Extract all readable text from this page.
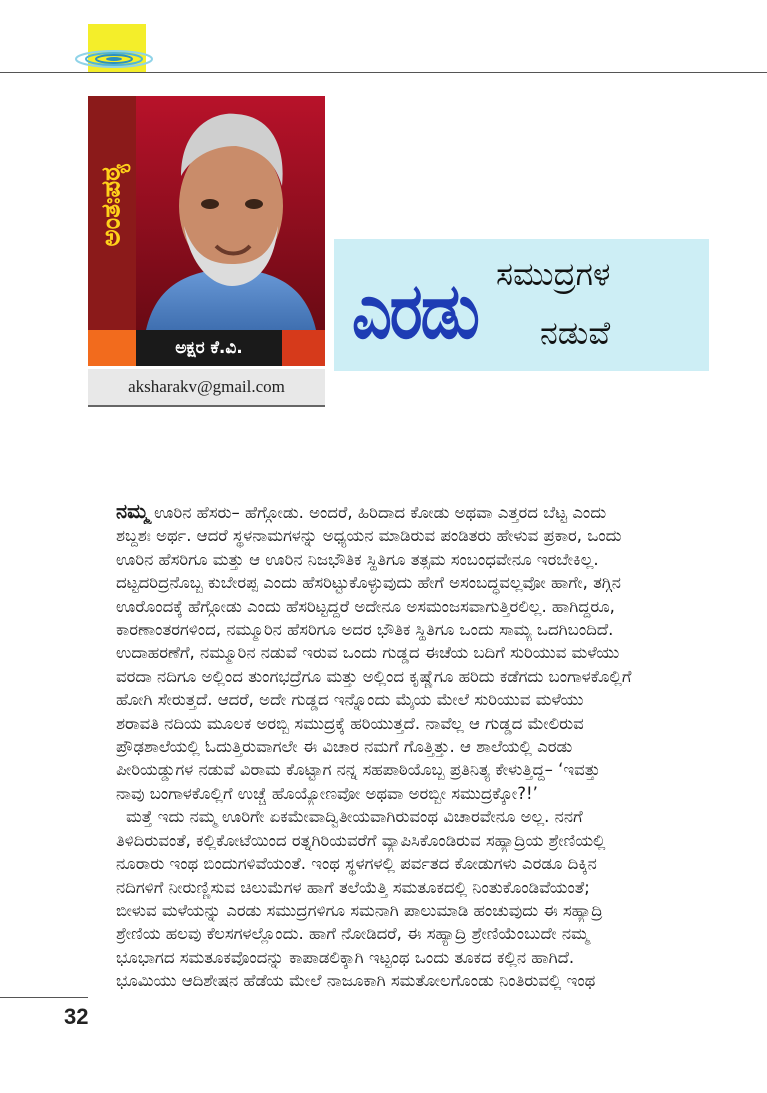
ಅಂತಃಪಠ್ಯ
ಅಕ್ಷರ ಕೆ.ವಿ.
aksharakv@gmail.com
ಎರಡು ಸಮುದ್ರಗಳ
ನಡುವೆ

ನಮ್ಮ ಊರಿನ ಹೆಸರು– ಹೆಗ್ಗೋಡು. ಅಂದರೆ, ಹಿರಿದಾದ ಕೋಡು ಅಥವಾ ಎತ್ತರದ ಬೆಟ್ಟ ಎಂದು
ಶಬ್ದಶಃ ಅರ್ಥ. ಆದರೆ ಸ್ಥಳನಾಮಗಳನ್ನು ಅಧ್ಯಯನ ಮಾಡಿರುವ ಪಂಡಿತರು ಹೇಳುವ ಪ್ರಕಾರ, ಒಂದು
ಊರಿನ ಹೆಸರಿಗೂ ಮತ್ತು ಆ ಊರಿನ ನಿಜಭೌತಿಕ ಸ್ಥಿತಿಗೂ ತತ್ಸಮ ಸಂಬಂಧವೇನೂ ಇರಬೇಕಿಲ್ಲ.
ದಟ್ಟದರಿದ್ರನೊಬ್ಬ ಕುಬೇರಪ್ಪ ಎಂದು ಹೆಸರಿಟ್ಟುಕೊಳ್ಳುವುದು ಹೇಗೆ ಅಸಂಬದ್ಧವಲ್ಲವೋ ಹಾಗೇ, ತಗ್ಗಿನ
ಊರೊಂದಕ್ಕೆ ಹೆಗ್ಗೋಡು ಎಂದು ಹೆಸರಿಟ್ಟದ್ದರೆ ಅದೇನೂ ಅಸಮಂಜಸವಾಗುತ್ತಿರಲಿಲ್ಲ. ಹಾಗಿದ್ದರೂ,
ಕಾರಣಾಂತರಗಳಿಂದ, ನಮ್ಮೂರಿನ ಹೆಸರಿಗೂ ಅದರ ಭೌತಿಕ ಸ್ಥಿತಿಗೂ ಒಂದು ಸಾಮ್ಯ ಒದಗಿಬಂದಿದೆ.
ಉದಾಹರಣೆಗೆ, ನಮ್ಮೂರಿನ ನಡುವೆ ಇರುವ ಒಂದು ಗುಡ್ಡದ ಈಚೆಯ ಬದಿಗೆ ಸುರಿಯುವ ಮಳೆಯು
ವರದಾ ನದಿಗೂ ಅಲ್ಲಿಂದ ತುಂಗಭದ್ರೆಗೂ ಮತ್ತು ಅಲ್ಲಿಂದ ಕೃಷ್ಣೆಗೂ ಹರಿದು ಕಡೆಗದು ಬಂಗಾಳಕೊಲ್ಲಿಗೆ
ಹೋಗಿ ಸೇರುತ್ತದೆ. ಆದರೆ, ಅದೇ ಗುಡ್ಡದ ಇನ್ನೊಂದು ಮೈಯ ಮೇಲೆ ಸುರಿಯುವ ಮಳೆಯು
ಶರಾವತಿ ನದಿಯ ಮೂಲಕ ಅರಬ್ಬಿ ಸಮುದ್ರಕ್ಕೆ ಹರಿಯುತ್ತದೆ. ನಾವೆಲ್ಲ ಆ ಗುಡ್ಡದ ಮೇಲಿರುವ
ಪ್ರೌಢಶಾಲೆಯಲ್ಲಿ ಓದುತ್ತಿರುವಾಗಲೇ ಈ ವಿಚಾರ ನಮಗೆ ಗೊತ್ತಿತ್ತು. ಆ ಶಾಲೆಯಲ್ಲಿ ಎರಡು
ಪೀರಿಯಡ್ಡುಗಳ ನಡುವೆ ವಿರಾಮ ಕೊಟ್ಟಾಗ ನನ್ನ ಸಹಪಾಠಿಯೊಬ್ಬ ಪ್ರತಿನಿತ್ಯ ಕೇಳುತ್ತಿದ್ದ– ‘ಇವತ್ತು
ನಾವು ಬಂಗಾಳಕೊಲ್ಲಿಗೆ ಉಚ್ಚೆ ಹೊಯ್ಯೋಣವೋ ಅಥವಾ ಅರಬ್ಬೀ ಸಮುದ್ರಕ್ಕೋ?!’

ಮತ್ತೆ ಇದು ನಮ್ಮ ಊರಿಗೇ ಏಕಮೇವಾದ್ವಿತೀಯವಾಗಿರುವಂಥ ವಿಚಾರವೇನೂ ಅಲ್ಲ. ನನಗೆ
ತಿಳಿದಿರುವಂತೆ, ಕಲ್ಲಿಕೋಟೆಯಿಂದ ರತ್ನಗಿರಿಯವರೆಗೆ ವ್ಯಾಪಿಸಿಕೊಂಡಿರುವ ಸಹ್ಯಾದ್ರಿಯ ಶ್ರೇಣಿಯಲ್ಲಿ
ನೂರಾರು ಇಂಥ ಬಿಂದುಗಳಿವೆಯಂತೆ. ಇಂಥ ಸ್ಥಳಗಳಲ್ಲಿ ಪರ್ವತದ ಕೋಡುಗಳು ಎರಡೂ ದಿಕ್ಕಿನ
ನದಿಗಳಿಗೆ ನೀರುಣ್ಣಿಸುವ ಚಿಲುಮೆಗಳ ಹಾಗೆ ತಲೆಯೆತ್ತಿ ಸಮತೂಕದಲ್ಲಿ ನಿಂತುಕೊಂಡಿವೆಯಂತೆ;
ಬೀಳುವ ಮಳೆಯನ್ನು ಎರಡು ಸಮುದ್ರಗಳಿಗೂ ಸಮನಾಗಿ ಪಾಲುಮಾಡಿ ಹಂಚುವುದು ಈ ಸಹ್ಯಾದ್ರಿ
ಶ್ರೇಣಿಯ ಹಲವು ಕೆಲಸಗಳಲ್ಲೊಂದು. ಹಾಗೆ ನೋಡಿದರೆ, ಈ ಸಹ್ಯಾದ್ರಿ ಶ್ರೇಣಿಯೆಂಬುದೇ ನಮ್ಮ
ಭೂಭಾಗದ ಸಮತೂಕವೊಂದನ್ನು ಕಾಪಾಡಲಿಕ್ಕಾಗಿ ಇಟ್ಟಂಥ ಒಂದು ತೂಕದ ಕಲ್ಲಿನ ಹಾಗಿದೆ.
ಭೂಮಿಯು ಆದಿಶೇಷನ ಹೆಡೆಯ ಮೇಲೆ ನಾಜೂಕಾಗಿ ಸಮತೋಲಗೊಂಡು ನಿಂತಿರುವಲ್ಲಿ ಇಂಥ

32
